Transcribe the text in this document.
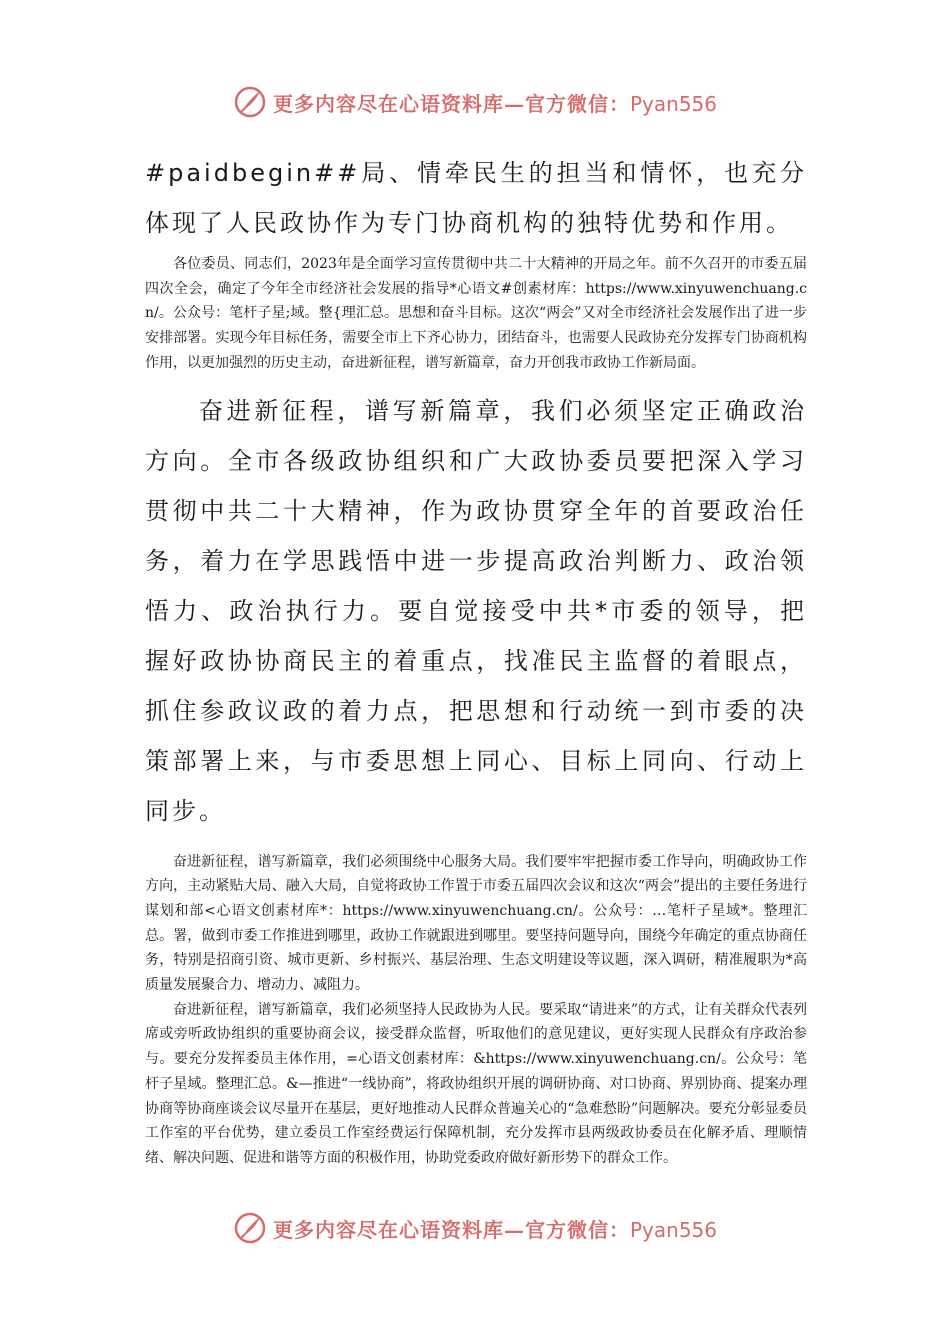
更多内容尽在心语资料库—官方微信：Pyan556

#paidbegin##局、情牵民生的担当和情怀，也充分体现了人民政协作为专门协商机构的独特优势和作用。

各位委员、同志们，2023年是全面学习宣传贯彻中共二十大精神的开局之年。前不久召开的市委五届四次全会，确定了今年全市经济社会发展的指导*心语文#创素材库：https://www.xinyuwenchuang.cn/。公众号：笔杆子星;域。整{理汇总。思想和奋斗目标。这次“两会”又对全市经济社会发展作出了进一步安排部署。实现今年目标任务，需要全市上下齐心协力，团结奋斗，也需要人民政协充分发挥专门协商机构作用，以更加强烈的历史主动，奋进新征程，谱写新篇章，奋力开创我市政协工作新局面。

奋进新征程，谱写新篇章，我们必须坚定正确政治方向。全市各级政协组织和广大政协委员要把深入学习贯彻中共二十大精神，作为政协贯穿全年的首要政治任务，着力在学思践悟中进一步提高政治判断力、政治领悟力、政治执行力。要自觉接受中共*市委的领导，把握好政协协商民主的着重点，找准民主监督的着眼点，抓住参政议政的着力点，把思想和行动统一到市委的决策部署上来，与市委思想上同心、目标上同向、行动上同步。

奋进新征程，谱写新篇章，我们必须围绕中心服务大局。我们要牢牢把握市委工作导向，明确政协工作方向，主动紧贴大局、融入大局，自觉将政协工作置于市委五届四次会议和这次“两会”提出的主要任务进行谋划和部<心语文创素材库*：https://www.xinyuwenchuang.cn/。公众号：…笔杆子星域*。整理汇总。署，做到市委工作推进到哪里，政协工作就跟进到哪里。要坚持问题导向，围绕今年确定的重点协商任务，特别是招商引资、城市更新、乡村振兴、基层治理、生态文明建设等议题，深入调研，精准履职为*高质量发展聚合力、增动力、减阻力。

奋进新征程，谱写新篇章，我们必须坚持人民政协为人民。要采取“请进来”的方式，让有关群众代表列席或旁听政协组织的重要协商会议，接受群众监督，听取他们的意见建议，更好实现人民群众有序政治参与。要充分发挥委员主体作用，=心语文创素材库：&https://www.xinyuwenchuang.cn/。公众号：笔杆子星域。整理汇总。&—推进“一线协商”，将政协组织开展的调研协商、对口协商、界别协商、提案办理协商等协商座谈会议尽量开在基层，更好地推动人民群众普遍关心的“急难愁盼”问题解决。要充分彰显委员工作室的平台优势，建立委员工作室经费运行保障机制，充分发挥市县两级政协委员在化解矛盾、理顺情绪、解决问题、促进和谐等方面的积极作用，协助党委政府做好新形势下的群众工作。

更多内容尽在心语资料库—官方微信：Pyan556
